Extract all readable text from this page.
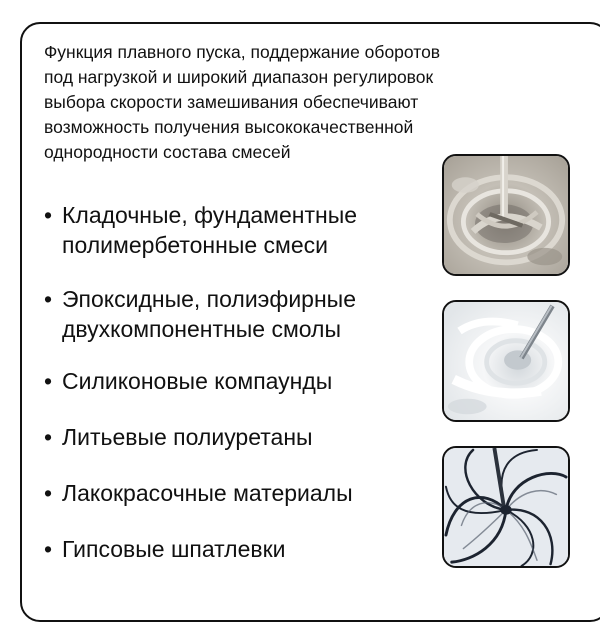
Функция плавного пуска, поддержание оборотов
под нагрузкой и широкий диапазон регулировок
выбора скорости замешивания обеспечивают
возможность получения высококачественной
однородности состава смесей
• Кладочные, фундаментные
полимербетонные смеси
• Эпоксидные, полиэфирные
двухкомпонентные смолы
• Силиконовые компаунды
• Литьевые полиуретаны
• Лакокрасочные материалы
• Гипсовые шпатлевки
